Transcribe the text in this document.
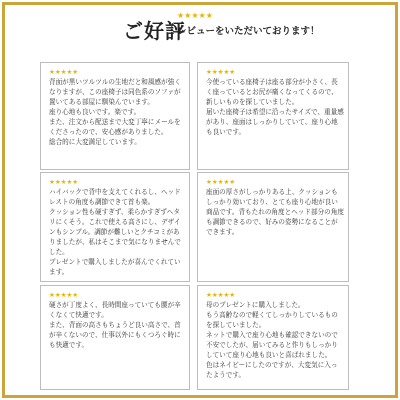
ご好評
★★★★★
レビューをいただいております！
★★★★★
背面が黒いツルツルの生地だと和風感が強くなりますが、この座椅子は同色系のソファが置いてある部屋に馴染んでいます。
座り心地も良いです。楽です。
また、注文から配送まで大変丁寧にメールをくださったので、安心感がありました。
総合的に大変満足しています。
★★★★★
今使っている座椅子は座る部分が小さく、長く座っているとお尻が痛くなってくるので、新しいものを探していました。
届いた座椅子は希望に沿ったサイズで、重量感があり、座面はしっかりしていて、座り心地も良いです。
★★★★★
ハイバックで背中を支えてくれるし、ヘッドレストの角度も調節できて首も楽。
クッション性も硬すぎず、柔らかすぎずヘタリにくそう。これで使える高さにし、デザインもシンプル。調節が難しいとクチコミがありましたが、私はそこまで気になりませんでした。
プレゼントで購入しましたが喜んでくれています。
★★★★★
座面の厚さがしっかりある上、クッションもしっかり効いており、とても座り心地が良い商品です。背もたれの角度とヘッド部分の角度も調節できるので、好みの姿勢になることができます。
★★★★★
硬さが丁度よく、長時間座っていても腰が辛くなくて快適です。
また、背面の高さもちょうど良い高さで、首が辛くないので、仕事以外にもくつろぐ時にも快適です。
★★★★★
母のプレゼントに購入しました。
もう高齢なので軽くてしっかりしているものを探していました。
ネットで購入で座り心地も確認できないので不安でしたが、届いてみると作りもしっかりしていて座り心地も良いと喜ばれました。
色はネイビーにしたのですが、大変気に入ったようです。
